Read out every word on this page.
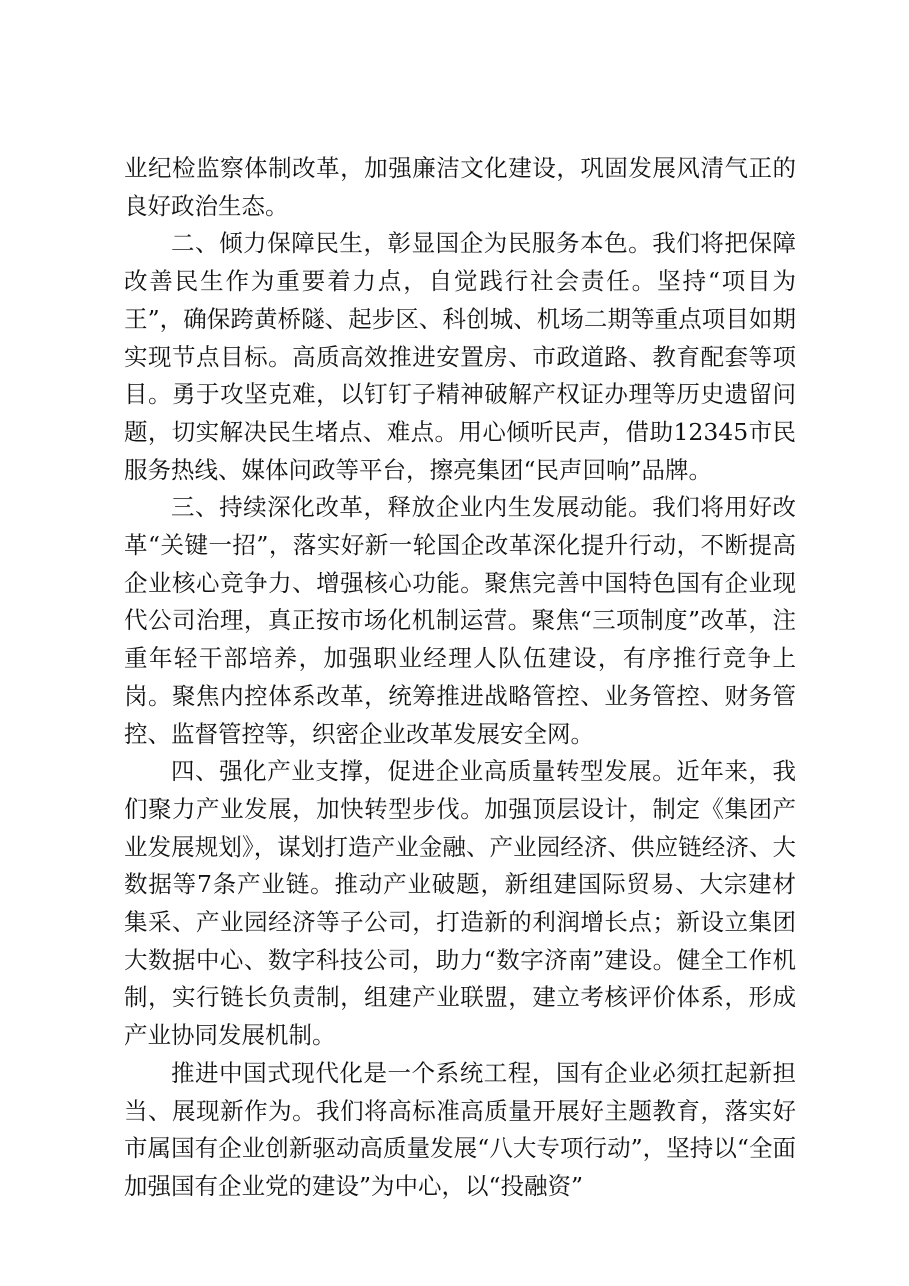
业纪检监察体制改革，加强廉洁文化建设，巩固发展风清气正的良好政治生态。

二、倾力保障民生，彰显国企为民服务本色。我们将把保障改善民生作为重要着力点，自觉践行社会责任。坚持“项目为王”，确保跨黄桥隧、起步区、科创城、机场二期等重点项目如期实现节点目标。高质高效推进安置房、市政道路、教育配套等项目。勇于攻坚克难，以钉钉子精神破解产权证办理等历史遗留问题，切实解决民生堵点、难点。用心倾听民声，借助12345市民服务热线、媒体问政等平台，擦亮集团“民声回响”品牌。

三、持续深化改革，释放企业内生发展动能。我们将用好改革“关键一招”，落实好新一轮国企改革深化提升行动，不断提高企业核心竞争力、增强核心功能。聚焦完善中国特色国有企业现代公司治理，真正按市场化机制运营。聚焦“三项制度”改革，注重年轻干部培养，加强职业经理人队伍建设，有序推行竞争上岗。聚焦内控体系改革，统筹推进战略管控、业务管控、财务管控、监督管控等，织密企业改革发展安全网。

四、强化产业支撑，促进企业高质量转型发展。近年来，我们聚力产业发展，加快转型步伐。加强顶层设计，制定《集团产业发展规划》，谋划打造产业金融、产业园经济、供应链经济、大数据等7条产业链。推动产业破题，新组建国际贸易、大宗建材集采、产业园经济等子公司，打造新的利润增长点；新设立集团大数据中心、数字科技公司，助力“数字济南”建设。健全工作机制，实行链长负责制，组建产业联盟，建立考核评价体系，形成产业协同发展机制。

推进中国式现代化是一个系统工程，国有企业必须扛起新担当、展现新作为。我们将高标准高质量开展好主题教育，落实好市属国有企业创新驱动高质量发展“八大专项行动”，坚持以“全面加强国有企业党的建设”为中心，以“投融资”
